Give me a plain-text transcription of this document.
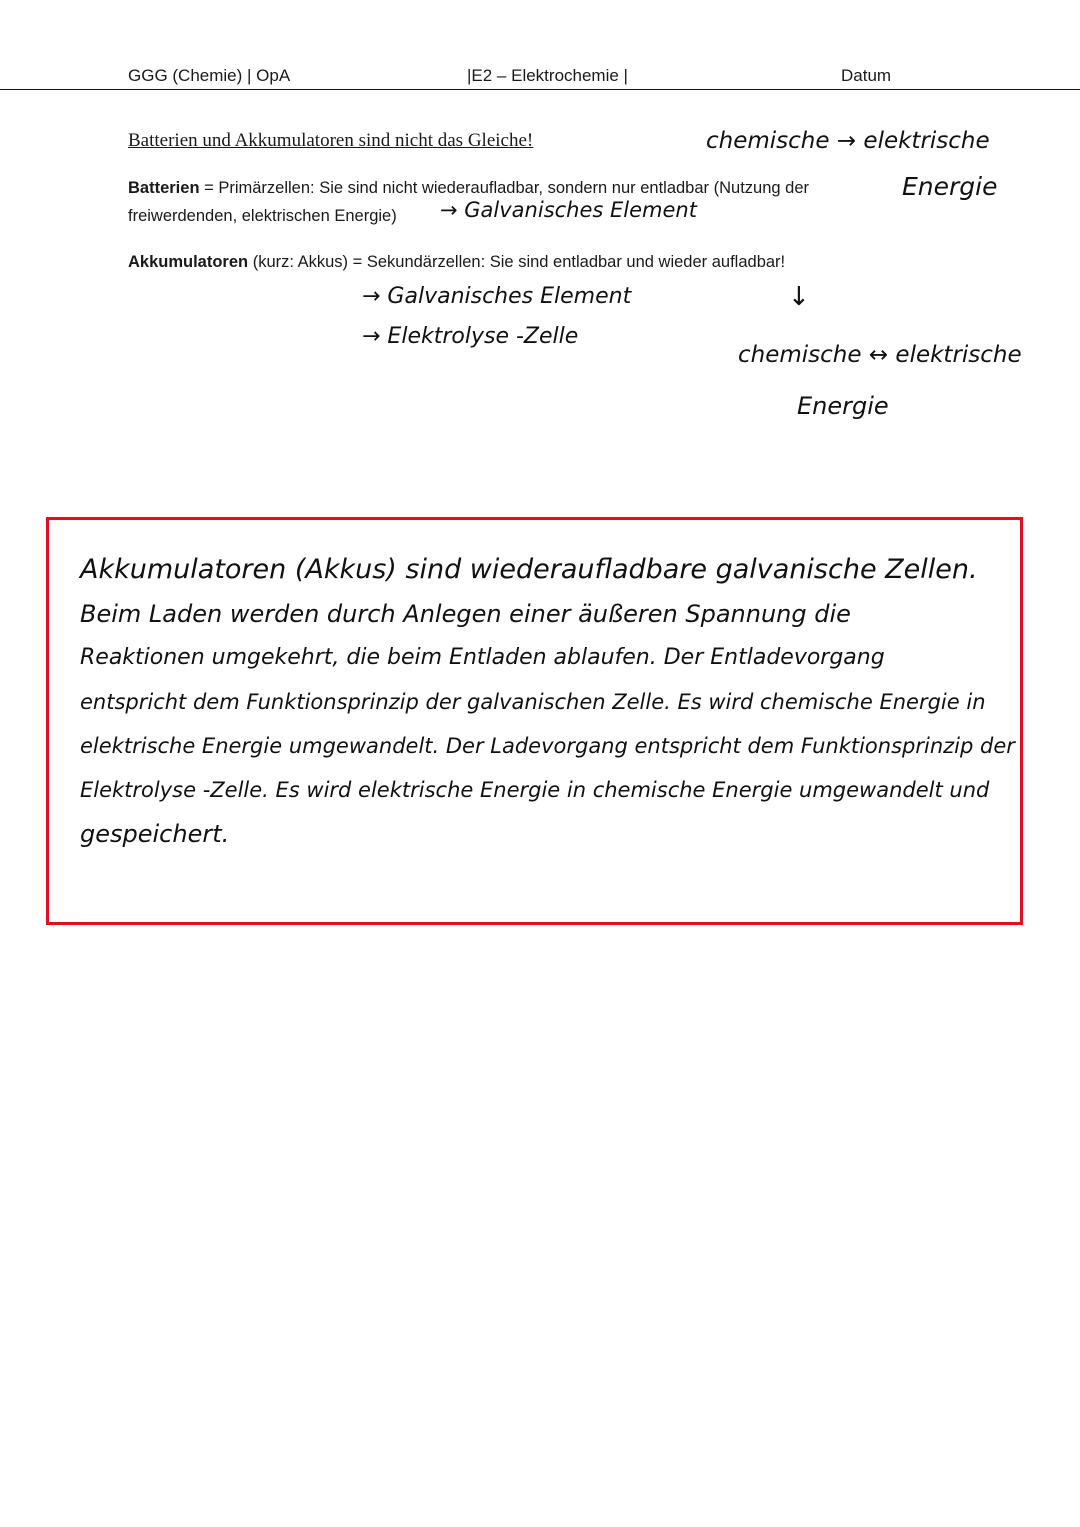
GGG (Chemie) | OpA	|E2 – Elektrochemie |	Datum
Batterien und Akkumulatoren sind nicht das Gleiche!
Batterien = Primärzellen: Sie sind nicht wiederaufladbar, sondern nur entladbar (Nutzung der
freiwerdenden, elektrischen Energie)
Akkumulatoren (kurz: Akkus) = Sekundärzellen: Sie sind entladbar und wieder aufladbar!
chemische → elektrische
Energie
→ Galvanisches Element
→ Galvanisches Element
→ Elektrolyse -Zelle
↓
chemische ↔ elektrische
Energie
Akkumulatoren (Akkus) sind wiederaufladbare galvanische Zellen.
Beim Laden werden durch Anlegen einer äußeren Spannung die
Reaktionen umgekehrt, die beim Entladen ablaufen. Der Entladevorgang
entspricht dem Funktionsprinzip der galvanischen Zelle. Es wird chemische Energie in
elektrische Energie umgewandelt. Der Ladevorgang entspricht dem Funktionsprinzip der
Elektrolyse -Zelle. Es wird elektrische Energie in chemische Energie umgewandelt und
gespeichert.
